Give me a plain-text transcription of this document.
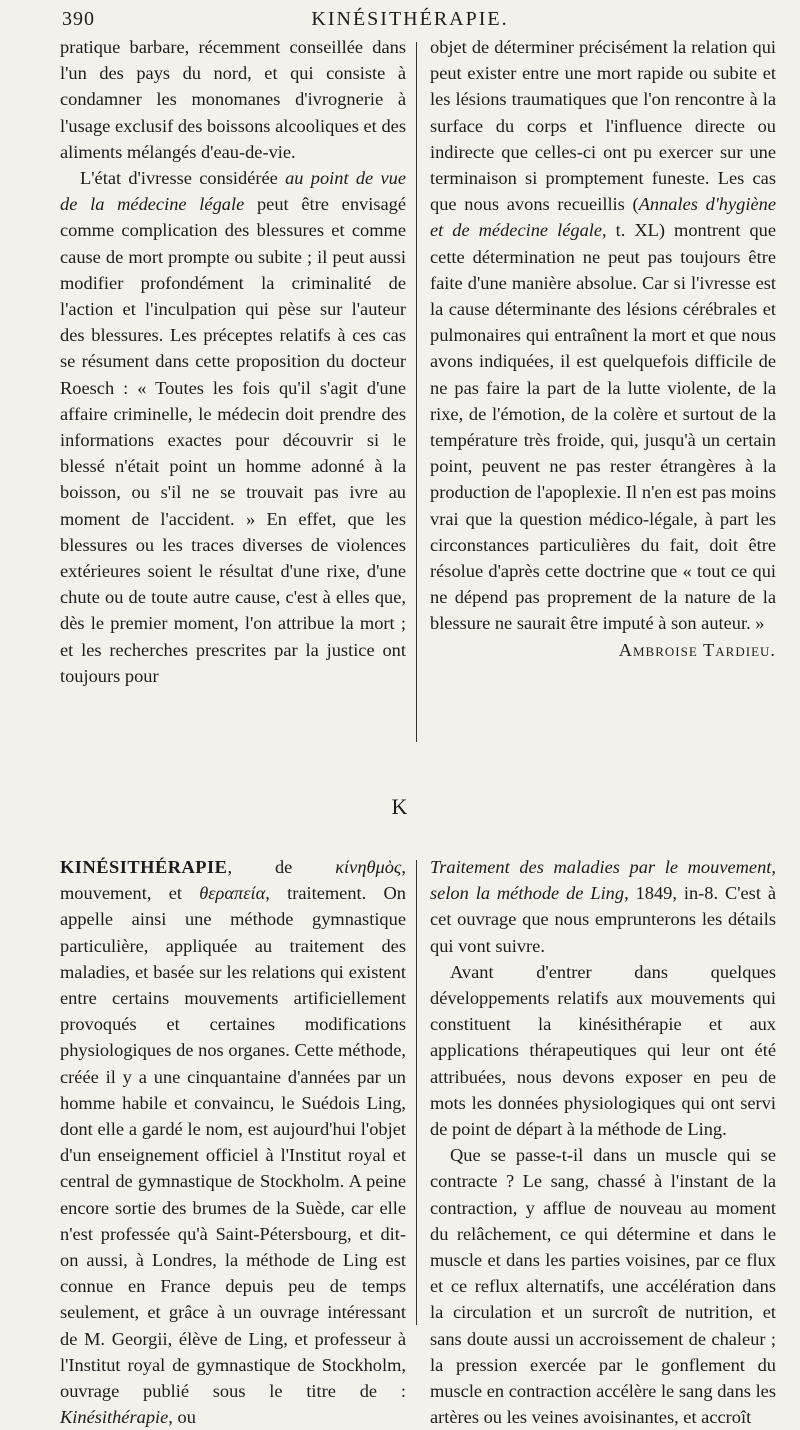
390	KINÉSITHÉRAPIE.

pratique barbare, récemment conseillée dans l'un des pays du nord, et qui consiste à condamner les monomanes d'ivrognerie à l'usage exclusif des boissons alcooliques et des aliments mélangés d'eau-de-vie.

L'état d'ivresse considérée au point de vue de la médecine légale peut être envisagé comme complication des blessures et comme cause de mort prompte ou subite ; il peut aussi modifier profondément la criminalité de l'action et l'inculpation qui pèse sur l'auteur des blessures. Les préceptes relatifs à ces cas se résument dans cette proposition du docteur Roesch : « Toutes les fois qu'il s'agit d'une affaire criminelle, le médecin doit prendre des informations exactes pour découvrir si le blessé n'était point un homme adonné à la boisson, ou s'il ne se trouvait pas ivre au moment de l'accident. » En effet, que les blessures ou les traces diverses de violences extérieures soient le résultat d'une rixe, d'une chute ou de toute autre cause, c'est à elles que, dès le premier moment, l'on attribue la mort ; et les recherches prescrites par la justice ont toujours pour

objet de déterminer précisément la relation qui peut exister entre une mort rapide ou subite et les lésions traumatiques que l'on rencontre à la surface du corps et l'influence directe ou indirecte que celles-ci ont pu exercer sur une terminaison si promptement funeste. Les cas que nous avons recueillis (Annales d'hygiène et de médecine légale, t. XL) montrent que cette détermination ne peut pas toujours être faite d'une manière absolue. Car si l'ivresse est la cause déterminante des lésions cérébrales et pulmonaires qui entraînent la mort et que nous avons indiquées, il est quelquefois difficile de ne pas faire la part de la lutte violente, de la rixe, de l'émotion, de la colère et surtout de la température très froide, qui, jusqu'à un certain point, peuvent ne pas rester étrangères à la production de l'apoplexie. Il n'en est pas moins vrai que la question médico-légale, à part les circonstances particulières du fait, doit être résolue d'après cette doctrine que « tout ce qui ne dépend pas proprement de la nature de la blessure ne saurait être imputé à son auteur. »

Ambroise Tardieu.

K

KINÉSITHÉRAPIE, de κίνηθμὸς, mouvement, et θεραπεία, traitement. On appelle ainsi une méthode gymnastique particulière, appliquée au traitement des maladies, et basée sur les relations qui existent entre certains mouvements artificiellement provoqués et certaines modifications physiologiques de nos organes. Cette méthode, créée il y a une cinquantaine d'années par un homme habile et convaincu, le Suédois Ling, dont elle a gardé le nom, est aujourd'hui l'objet d'un enseignement officiel à l'Institut royal et central de gymnastique de Stockholm. A peine encore sortie des brumes de la Suède, car elle n'est professée qu'à Saint-Pétersbourg, et dit-on aussi, à Londres, la méthode de Ling est connue en France depuis peu de temps seulement, et grâce à un ouvrage intéressant de M. Georgii, élève de Ling, et professeur à l'Institut royal de gymnastique de Stockholm, ouvrage publié sous le titre de : Kinésithérapie, ou

Traitement des maladies par le mouvement, selon la méthode de Ling, 1849, in-8. C'est à cet ouvrage que nous emprunterons les détails qui vont suivre.

Avant d'entrer dans quelques développements relatifs aux mouvements qui constituent la kinésithérapie et aux applications thérapeutiques qui leur ont été attribuées, nous devons exposer en peu de mots les données physiologiques qui ont servi de point de départ à la méthode de Ling.

Que se passe-t-il dans un muscle qui se contracte ? Le sang, chassé à l'instant de la contraction, y afflue de nouveau au moment du relâchement, ce qui détermine et dans le muscle et dans les parties voisines, par ce flux et ce reflux alternatifs, une accélération dans la circulation et un surcroît de nutrition, et sans doute aussi un accroissement de chaleur ; la pression exercée par le gonflement du muscle en contraction accélère le sang dans les artères ou les veines avoisinantes, et accroît
